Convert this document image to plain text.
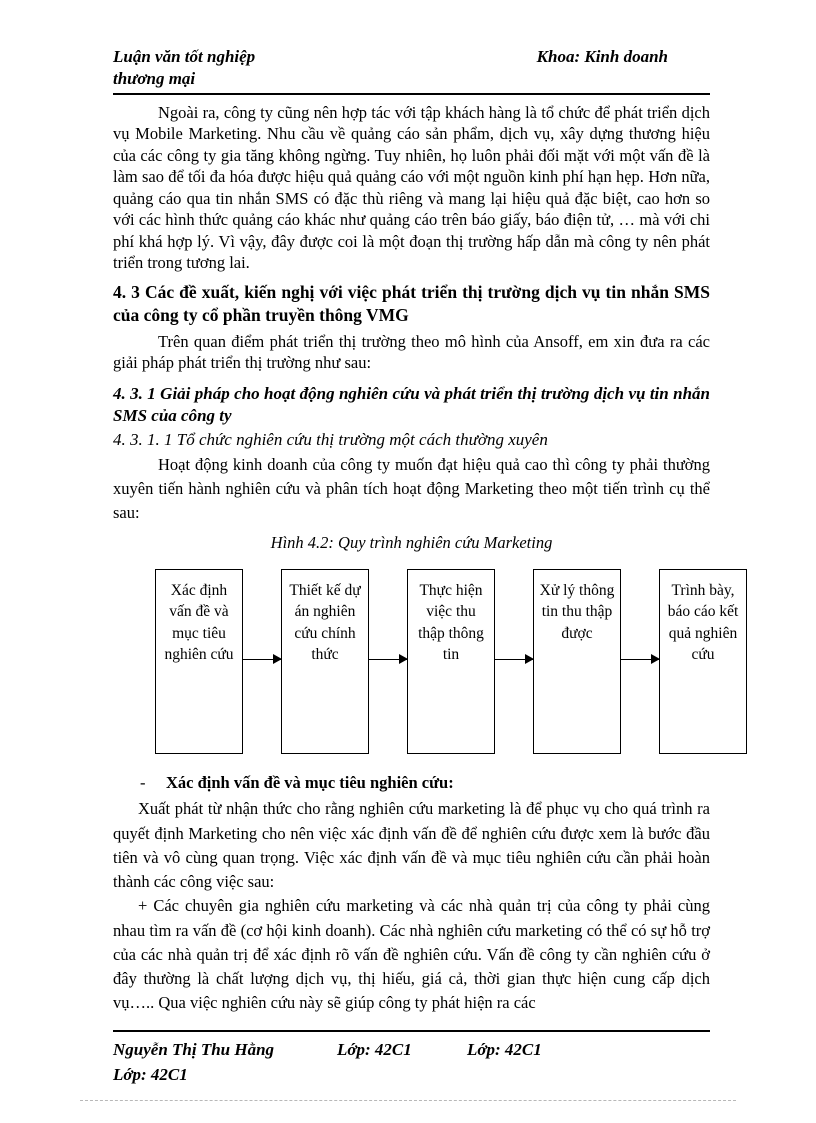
Luận văn tốt nghiệp
thương mại
Khoa: Kinh doanh

Ngoài ra, công ty cũng nên hợp tác với tập khách hàng là tổ chức để phát triển dịch vụ Mobile Marketing. Nhu cầu về quảng cáo sản phẩm, dịch vụ, xây dựng thương hiệu của các công ty gia tăng không ngừng. Tuy nhiên, họ luôn phải đối mặt với một vấn đề là làm sao để tối đa hóa được hiệu quả quảng cáo với một nguồn kinh phí hạn hẹp. Hơn nữa, quảng cáo qua tin nhắn SMS có đặc thù riêng và mang lại hiệu quả đặc biệt, cao hơn so với các hình thức quảng cáo khác như quảng cáo trên báo giấy, báo điện tử, … mà với chi phí khá hợp lý. Vì vậy, đây được coi là một đoạn thị trường hấp dẫn mà công ty nên phát triển trong tương lai.

4. 3 Các đề xuất, kiến nghị với việc phát triển thị trường dịch vụ tin nhắn SMS của công ty cổ phần truyền thông VMG

Trên quan điểm phát triển thị trường theo mô hình của Ansoff, em xin đưa ra các giải pháp phát triển thị trường như sau:

4. 3. 1 Giải pháp cho hoạt động nghiên cứu và phát triển thị trường dịch vụ tin nhắn SMS của công ty

4. 3. 1. 1 Tổ chức nghiên cứu thị trường một cách thường xuyên

Hoạt động kinh doanh của công ty muốn đạt hiệu quả cao thì công ty phải thường xuyên tiến hành nghiên cứu và phân tích hoạt động Marketing theo một tiến trình cụ thể sau:

Hình 4.2: Quy trình nghiên cứu Marketing

Xác định vấn đề và mục tiêu nghiên cứu
Thiết kế dự án nghiên cứu chính thức
Thực hiện việc thu thập thông tin
Xử lý thông tin thu thập được
Trình bày, báo cáo kết quả nghiên cứu

- Xác định vấn đề và mục tiêu nghiên cứu:

Xuất phát từ nhận thức cho rằng nghiên cứu marketing là để phục vụ cho quá trình ra quyết định Marketing cho nên việc xác định vấn đề để nghiên cứu được xem là bước đầu tiên và vô cùng quan trọng. Việc xác định vấn đề và mục tiêu nghiên cứu cần phải hoàn thành các công việc sau:

+ Các chuyên gia nghiên cứu marketing và các nhà quản trị của công ty phải cùng nhau tìm ra vấn đề (cơ hội kinh doanh). Các nhà nghiên cứu marketing có thể có sự hỗ trợ của các nhà quản trị để xác định rõ vấn đề nghiên cứu. Vấn đề công ty cần nghiên cứu ở đây thường là chất lượng dịch vụ, thị hiếu, giá cả, thời gian thực hiện cung cấp dịch vụ….. Qua việc nghiên cứu này sẽ giúp công ty phát hiện ra các

Nguyễn Thị Thu Hằng	Lớp: 42C1	Lớp: 42C1
Lớp: 42C1
